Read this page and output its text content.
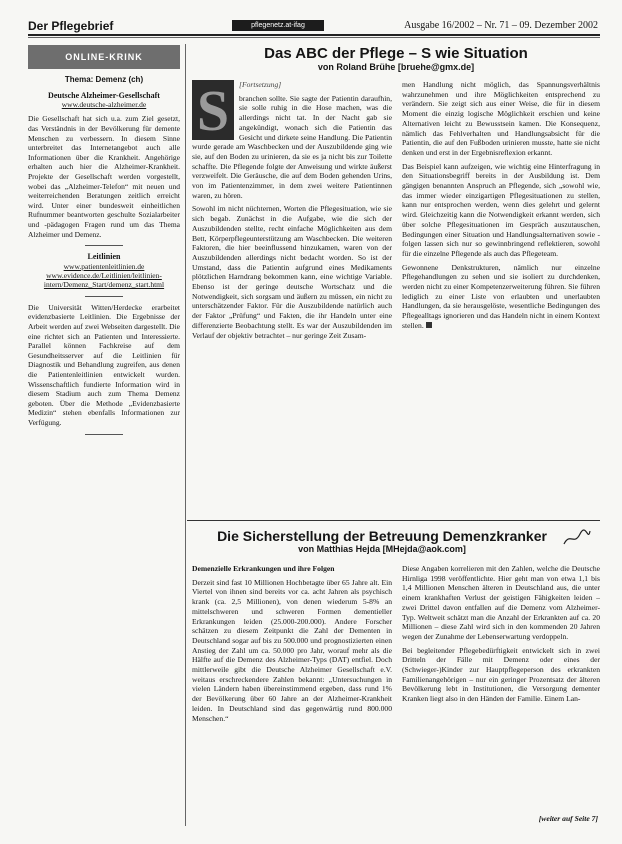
Der Pflegebrief	pflegenetz.at-ifag	Ausgabe 16/2002 – Nr. 71 – 09. Dezember 2002
ONLINE-KRINK
Thema: Demenz (ch)
Deutsche Alzheimer-Gesellschaft
www.deutsche-alzheimer.de
Die Gesellschaft hat sich u.a. zum Ziel gesetzt, das Verständnis in der Bevölkerung für demente Menschen zu verbessern. In diesem Sinne unterbreitet das Internetangebot auch alle Informationen über die Krankheit. Angehörige erhalten auch hier die Alzheimer-Krankheit. Projekte der Gesellschaft werden vorgestellt, wobei das „Alzheimer-Telefon“ mit neuen und weiterreichenden Beratungen zeitlich erreicht wird. Unter einer bundesweit einheitlichen Rufnummer beantworten geschulte Sozialarbeiter und -pädagogen Fragen rund um das Thema Alzheimer und Demenz.
Leitlinien
www.patientenleitlinien.de
www.evidence.de/Leitlinien/leitlinien-intern/Demenz_Start/demenz_start.html
Die Universität Witten/Herdecke erarbeitet evidenzbasierte Leitlinien. Die Ergebnisse der Arbeit werden auf zwei Webseiten dargestellt. Die eine richtet sich an Patienten und Interessierte. Parallel können Fachkreise auf dem Gesundheitsserver auf die Leitlinien für Diagnostik und Behandlung zugreifen, aus denen die Patientenleitlinien entwickelt wurden. Wissenschaftlich fundierte Information wird in diesem Stadium auch zum Thema Demenz geboten. Über die Methode „Evidenzbasierte Medizin“ stehen ebenfalls Informationen zur Verfügung.
Das ABC der Pflege – S wie Situation
von Roland Brühe [bruehe@gmx.de]
S	[Fortsetzung]

branchen sollte. Sie sagte der Patientin daraufhin, sie solle ruhig in die Hose machen, was die allerdings nicht tat. In der Nacht gab sie angekündigt, wonach sich die Patientin das Gesicht und dirkete seine Handlung. Die Patientin wurde gerade am Waschbecken und der Auszubildende ging wie sie, auf den Boden zu urinieren, da sie es ja nicht bis zur Toilette schaffte. Die Pflegende folgte der Anweisung und wirkte äußerst verzweifelt. Die Geräusche, die auf dem Boden gehenden Urins, von im Patientenzimmer, in dem zwei weitere Patientinnen waren, zu hören.

Sowohl im nicht nüchternen, Worten die Pflegesituation, wie sie sich begab. Zunächst in die Aufgabe, wie die sich der Auszubildenden stellte, recht einfache Möglichkeiten aus dem Bett, Körperpflegeunterstützung am Waschbecken. Die weiteren Faktoren, die hier beeinflussend hinzukamen, waren von der Auszubildenden allerdings nicht bedacht worden. So ist der Umstand, dass die Patientin aufgrund eines Medikaments plötzlichen Harndrang bekommen kann, eine wichtige Variable. Ebenso ist der geringe deutsche Wortschatz und die Notwendigkeit, sich sorgsam und äußern zu müssen, ein nicht zu unterschätzender Faktor. Für die Auszubildende natürlich auch der Faktor „Prüfung“ und Fakten, die ihr Handeln unter eine differenzierte Beobachtung stellt. Es war der Auszubildenden im Verlauf der objektiv betrachtet – nur geringe Zeit Zusam-

men Handlung nicht möglich, das Spannungsverhältnis wahrzunehmen und ihre Möglichkeiten entsprechend zu verändern. Sie zeigt sich aus einer Weise, die für in diesem Moment die einzig logische Möglichkeit erschien und keine Alternativen leicht zu Bewusstsein kamen. Die Konsequenz, nämlich das Fehlverhalten und Handlungsabsicht für die Patientin, die auf den Fußboden urinieren musste, hatte sie nicht denken und erst in der Ergebnisreflexion erkannt.

Das Beispiel kann aufzeigen, wie wichtig eine Hinterfragung in den Situationsbegriff bereits in der Ausbildung ist. Dem gängigen benannten Anspruch an Pflegende, sich „sowohl wie, das immer wieder einzigartigen Pflegesituationen zu stellen, kann nur entsprochen werden, wenn dies gelehrt und gelernt wird. Gleichzeitig kann die Notwendigkeit erkannt werden, sich über solche Pflegesituationen im Gespräch auszutauschen, Bedingungen einer Situation und Handlungsalternativen sowie -folgen lassen sich nur so gewinnbringend reflektieren, sowohl für die einzelne Pflegende als auch das Pflegeteam.

Gewonnene Denkstrukturen, nämlich nur einzelne Pflegehandlungen zu sehen und sie isoliert zu durchdenken, werden nicht zu einer Kompetenzerweiterung führen. Sie führen lediglich zu einer Liste von erlaubten und unerlaubten Handlungen, da sie herausgelöste, wesentliche Bedingungen des Pflegealltags ignorieren und das Handeln nicht in einem Kontext stellen.

Die Sicherstellung der Betreuung Demenzkranker
von Matthias Hejda [MHejda@aok.com]

Demenzielle Erkrankungen und ihre Folgen

Derzeit sind fast 10 Millionen Hochbetagte über 65 Jahre alt. Ein Viertel von ihnen sind bereits vor ca. acht Jahren als psychisch krank (ca. 2,5 Millionen), von denen wiederum 5-8% an mittelschweren und schweren Formen dementieller Erkrankungen leiden (25.000-200.000). Andere Forscher schätzen zu diesem Zeitpunkt die Zahl der Dementen in Deutschland sogar auf bis zu 500.000 und prognostizierten einen Anstieg der Zahl um ca. 50.000 pro Jahr, worauf mehr als die Hälfte auf die Demenz des Alzheimer-Typs (DAT) entfiel. Doch mittlerweile gibt die Deutsche Alzheimer Gesellschaft e.V. weitaus erschreckendere Zahlen bekannt: „Untersuchungen in vielen Ländern haben übereinstimmend ergeben, dass rund 1% der Bevölkerung über 60 Jahre an der Alzheimer-Krankheit leiden. In Deutschland sind das gegenwärtig rund 800.000 Menschen.“

Diese Angaben korrelieren mit den Zahlen, welche die Deutsche Hirnliga 1998 veröffentlichte. Hier geht man von etwa 1,1 bis 1,4 Millionen Menschen älteren in Deutschland aus, die unter einem krankhaften Verlust der geistigen Fähigkeiten leiden – zwei Drittel davon entfallen auf die Demenz vom Alzheimer-Typ. Weltweit schätzt man die Anzahl der Erkrankten auf ca. 20 Millionen – diese Zahl wird sich in den kommenden 20 Jahren wegen der Zunahme der Lebenserwartung verdoppeln.

Bei begleitender Pflegebedürftigkeit entwickelt sich in zwei Dritteln der Fälle mit Demenz oder eines der (Schwieger-)Kinder zur Hauptpflegeperson des erkrankten Familienangehörigen – nur ein geringer Prozentsatz der älteren Bevölkerung lebt in Institutionen, die Versorgung dementer Kranken liegt also in den Händen der Familie. Einem Lan-

[weiter auf Seite 7]
